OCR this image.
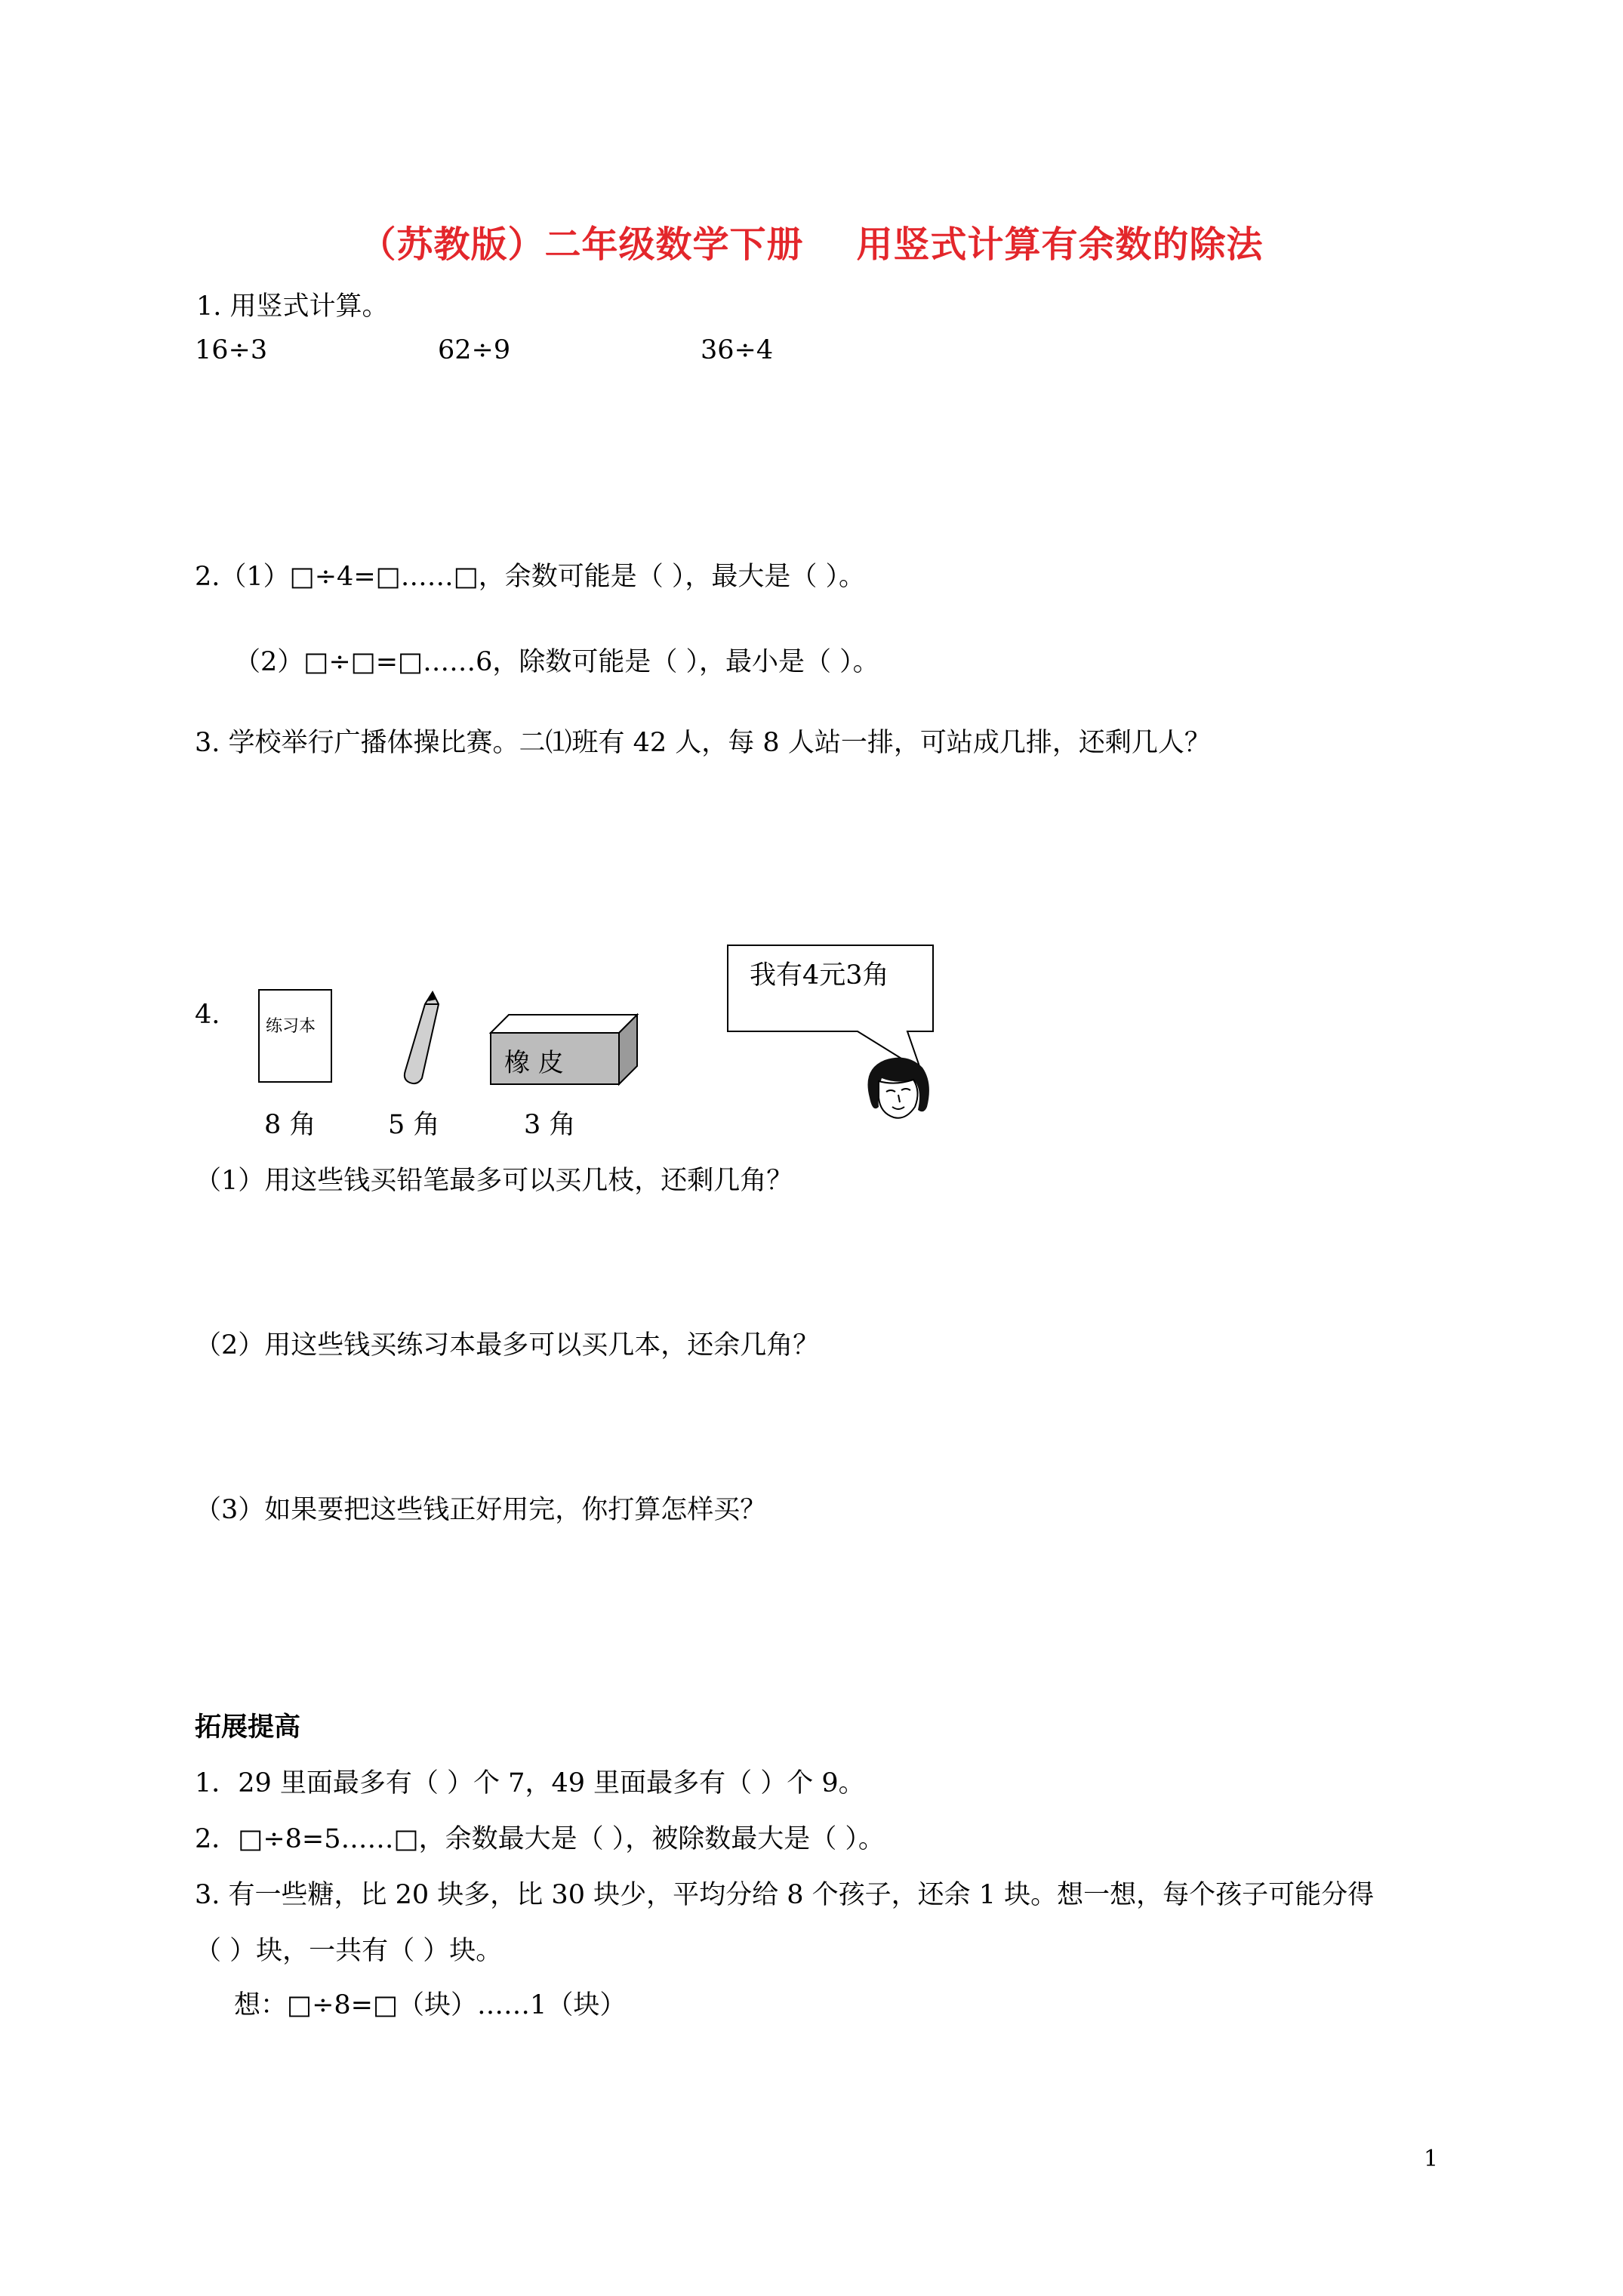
（苏教版）二年级数学下册 用竖式计算有余数的除法
1. 用竖式计算。
16÷3	62÷9	36÷4
2.（1）□÷4=□……□，余数可能是（ ），最大是（ ）。
（2）□÷□=□……6，除数可能是（ ），最小是（ ）。
3. 学校举行广播体操比赛。二⑴班有 42 人，每 8 人站一排，可站成几排，还剩几人？
4.	练习本
橡 皮
我有4元3角
8 角	5 角	3 角
（1）用这些钱买铅笔最多可以买几枝，还剩几角？
（2）用这些钱买练习本最多可以买几本，还余几角？
（3）如果要把这些钱正好用完，你打算怎样买？
拓展提高
1．29 里面最多有（ ）个 7，49 里面最多有（ ）个 9。
2．□÷8=5……□，余数最大是（ ），被除数最大是（ ）。
3. 有一些糖，比 20 块多，比 30 块少，平均分给 8 个孩子，还余 1 块。想一想，每个孩子可能分得
（ ）块，一共有（ ）块。
想：□÷8=□（块）……1（块）
1
